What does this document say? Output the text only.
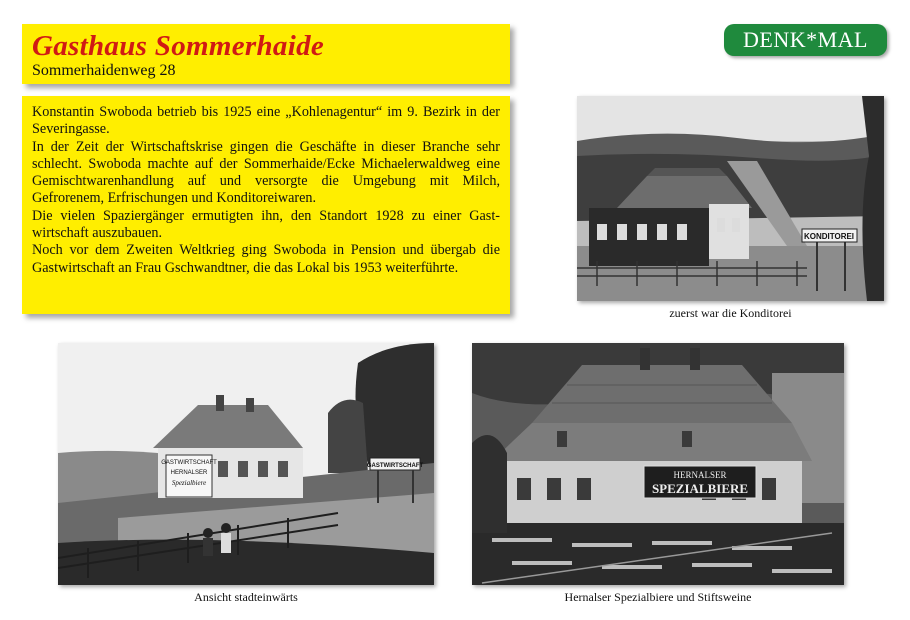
Gasthaus Sommerhaide
Sommerhaidenweg 28
DENK*MAL

Konstantin Swoboda betrieb bis 1925 eine „Kohlenagentur“ im 9. Bezirk in der Severingasse.

In der Zeit der Wirtschaftskrise gingen die Geschäfte in dieser Branche sehr schlecht. Swoboda machte auf der Sommerhaide/Ecke Michaelerwaldweg eine Gemischtwarenhandlung auf und versorgte die Umgebung mit Milch, Gefrorenem, Erfrischungen und Konditoreiwaren.

Die vielen Spaziergänger ermutigten ihn, den Standort 1928 zu einer Gastwirtschaft auszubauen.

Noch vor dem Zweiten Weltkrieg ging Swoboda in Pension und übergab die Gastwirtschaft an Frau Gschwandtner, die das Lokal bis 1953 weiterführte.

KONDITOREI
zuerst war die Konditorei
GASTWIRTSCHAFT
HERNALSER
Spezialbiere
GASTWIRTSCHAFT
Ansicht stadteinwärts
HERNALSER
SPEZIALBIERE
Hernalser Spezialbiere und Stiftsweine
